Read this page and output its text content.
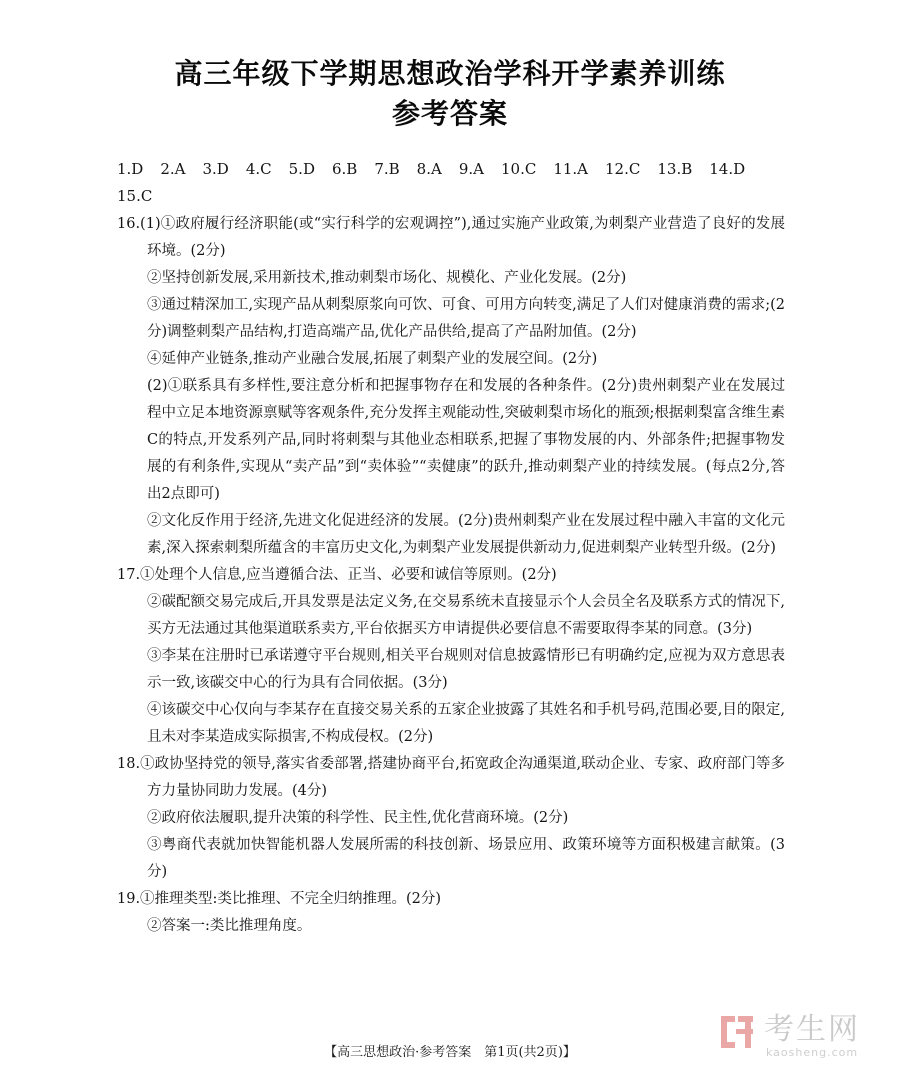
高三年级下学期思想政治学科开学素养训练
参考答案
1.D 2.A 3.D 4.C 5.D 6.B 7.B 8.A 9.A 10.C 11.A 12.C 13.B 14.D
15.C

16.(1)①政府履行经济职能(或“实行科学的宏观调控”),通过实施产业政策,为刺梨产业营造了良好的发展环境。(2分)

②坚持创新发展,采用新技术,推动刺梨市场化、规模化、产业化发展。(2分)

③通过精深加工,实现产品从刺梨原浆向可饮、可食、可用方向转变,满足了人们对健康消费的需求;(2分)调整刺梨产品结构,打造高端产品,优化产品供给,提高了产品附加值。(2分)

④延伸产业链条,推动产业融合发展,拓展了刺梨产业的发展空间。(2分)

(2)①联系具有多样性,要注意分析和把握事物存在和发展的各种条件。(2分)贵州刺梨产业在发展过程中立足本地资源禀赋等客观条件,充分发挥主观能动性,突破刺梨市场化的瓶颈;根据刺梨富含维生素C的特点,开发系列产品,同时将刺梨与其他业态相联系,把握了事物发展的内、外部条件;把握事物发展的有利条件,实现从“卖产品”到“卖体验”“卖健康”的跃升,推动刺梨产业的持续发展。(每点2分,答出2点即可)

②文化反作用于经济,先进文化促进经济的发展。(2分)贵州刺梨产业在发展过程中融入丰富的文化元素,深入探索刺梨所蕴含的丰富历史文化,为刺梨产业发展提供新动力,促进刺梨产业转型升级。(2分)

17.①处理个人信息,应当遵循合法、正当、必要和诚信等原则。(2分)

②碳配额交易完成后,开具发票是法定义务,在交易系统未直接显示个人会员全名及联系方式的情况下,买方无法通过其他渠道联系卖方,平台依据买方申请提供必要信息不需要取得李某的同意。(3分)

③李某在注册时已承诺遵守平台规则,相关平台规则对信息披露情形已有明确约定,应视为双方意思表示一致,该碳交中心的行为具有合同依据。(3分)

④该碳交中心仅向与李某存在直接交易关系的五家企业披露了其姓名和手机号码,范围必要,目的限定,且未对李某造成实际损害,不构成侵权。(2分)

18.①政协坚持党的领导,落实省委部署,搭建协商平台,拓宽政企沟通渠道,联动企业、专家、政府部门等多方力量协同助力发展。(4分)

②政府依法履职,提升决策的科学性、民主性,优化营商环境。(2分)

③粤商代表就加快智能机器人发展所需的科技创新、场景应用、政策环境等方面积极建言献策。(3分)

19.①推理类型:类比推理、不完全归纳推理。(2分)

②答案一:类比推理角度。

【高三思想政治·参考答案　第1页(共2页)】
考生网
kaosheng.com
